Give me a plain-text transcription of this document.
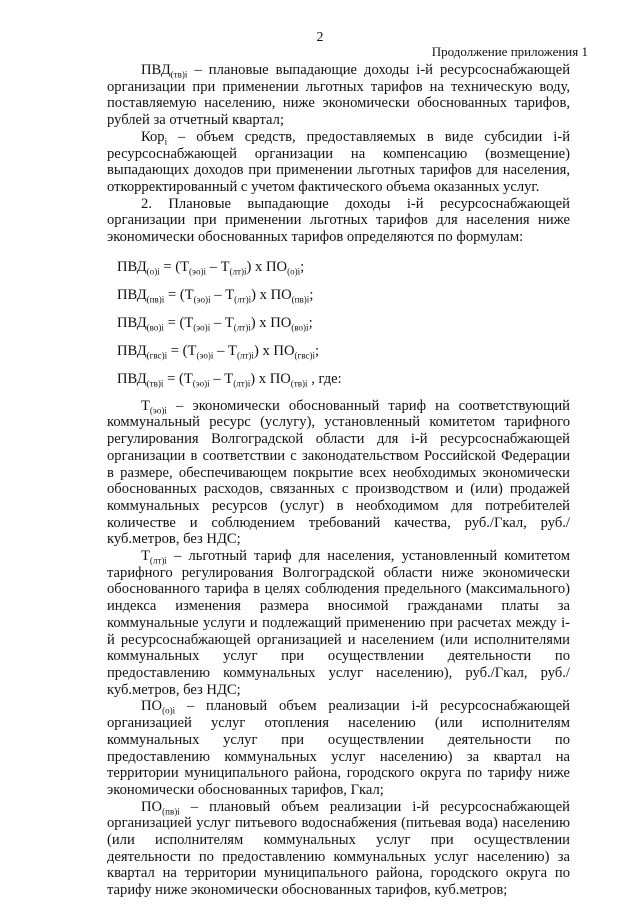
2
Продолжение приложения 1

$ПВД_{(тв)i}$ – плановые выпадающие доходы i-й ресурсоснабжающей организации при применении льготных тарифов на техническую воду, поставляемую населению, ниже экономически обоснованных тарифов, рублей за отчетный квартал;

Кор$_i$ – объем средств, предоставляемых в виде субсидии i-й ресурсоснабжающей организации на компенсацию (возмещение) выпадающих доходов при применении льготных тарифов для населения, откорректированный с учетом фактического объема оказанных услуг.

2. Плановые выпадающие доходы i-й ресурсоснабжающей организации при применении льготных тарифов для населения ниже экономически обоснованных тарифов определяются по формулам:

$ПВД_{(о)i} = (Т_{(эо)i} - Т_{(лт)i})$ х $ПО_{(о)i}$;
$ПВД_{(пв)i} = (Т_{(эо)i} - Т_{(лт)i})$ х $ПО_{(пв)i}$;
$ПВД_{(во)i} = (Т_{(эо)i} - Т_{(лт)i})$ х $ПО_{(во)i}$;
$ПВД_{(гвс)i} = (Т_{(эо)i} - Т_{(лт)i})$ х $ПО_{(гвс)i}$;
$ПВД_{(тв)i} = (Т_{(эо)i} - Т_{(лт)i})$ х $ПО_{(тв)i}$ , где:

$Т_{(эо)i}$ – экономически обоснованный тариф на соответствующий коммунальный ресурс (услугу), установленный комитетом тарифного регулирования Волгоградской области для i-й ресурсоснабжающей организации в соответствии с законодательством Российской Федерации в размере, обеспечивающем покрытие всех необходимых экономически обоснованных расходов, связанных с производством и (или) продажей коммунальных ресурсов (услуг) в необходимом для потребителей количестве и соблюдением требований качества, руб./Гкал, руб./куб.метров, без НДС;

$Т_{(лт)i}$ – льготный тариф для населения, установленный комитетом тарифного регулирования Волгоградской области ниже экономически обоснованного тарифа в целях соблюдения предельного (максимального) индекса изменения размера вносимой гражданами платы за коммунальные услуги и подлежащий применению при расчетах между i-й ресурсоснабжающей организацией и населением (или исполнителями коммунальных услуг при осуществлении деятельности по предоставлению коммунальных услуг населению), руб./Гкал, руб./куб.метров, без НДС;

$ПО_{(о)i}$ – плановый объем реализации i-й ресурсоснабжающей организацией услуг отопления населению (или исполнителям коммунальных услуг при осуществлении деятельности по предоставлению коммунальных услуг населению) за квартал на территории муниципального района, городского округа по тарифу ниже экономически обоснованных тарифов, Гкал;

$ПО_{(пв)i}$ – плановый объем реализации i-й ресурсоснабжающей организацией услуг питьевого водоснабжения (питьевая вода) населению (или исполнителям коммунальных услуг при осуществлении деятельности по предоставлению коммунальных услуг населению) за квартал на территории муниципального района, городского округа по тарифу ниже экономически обоснованных тарифов, куб.метров;
